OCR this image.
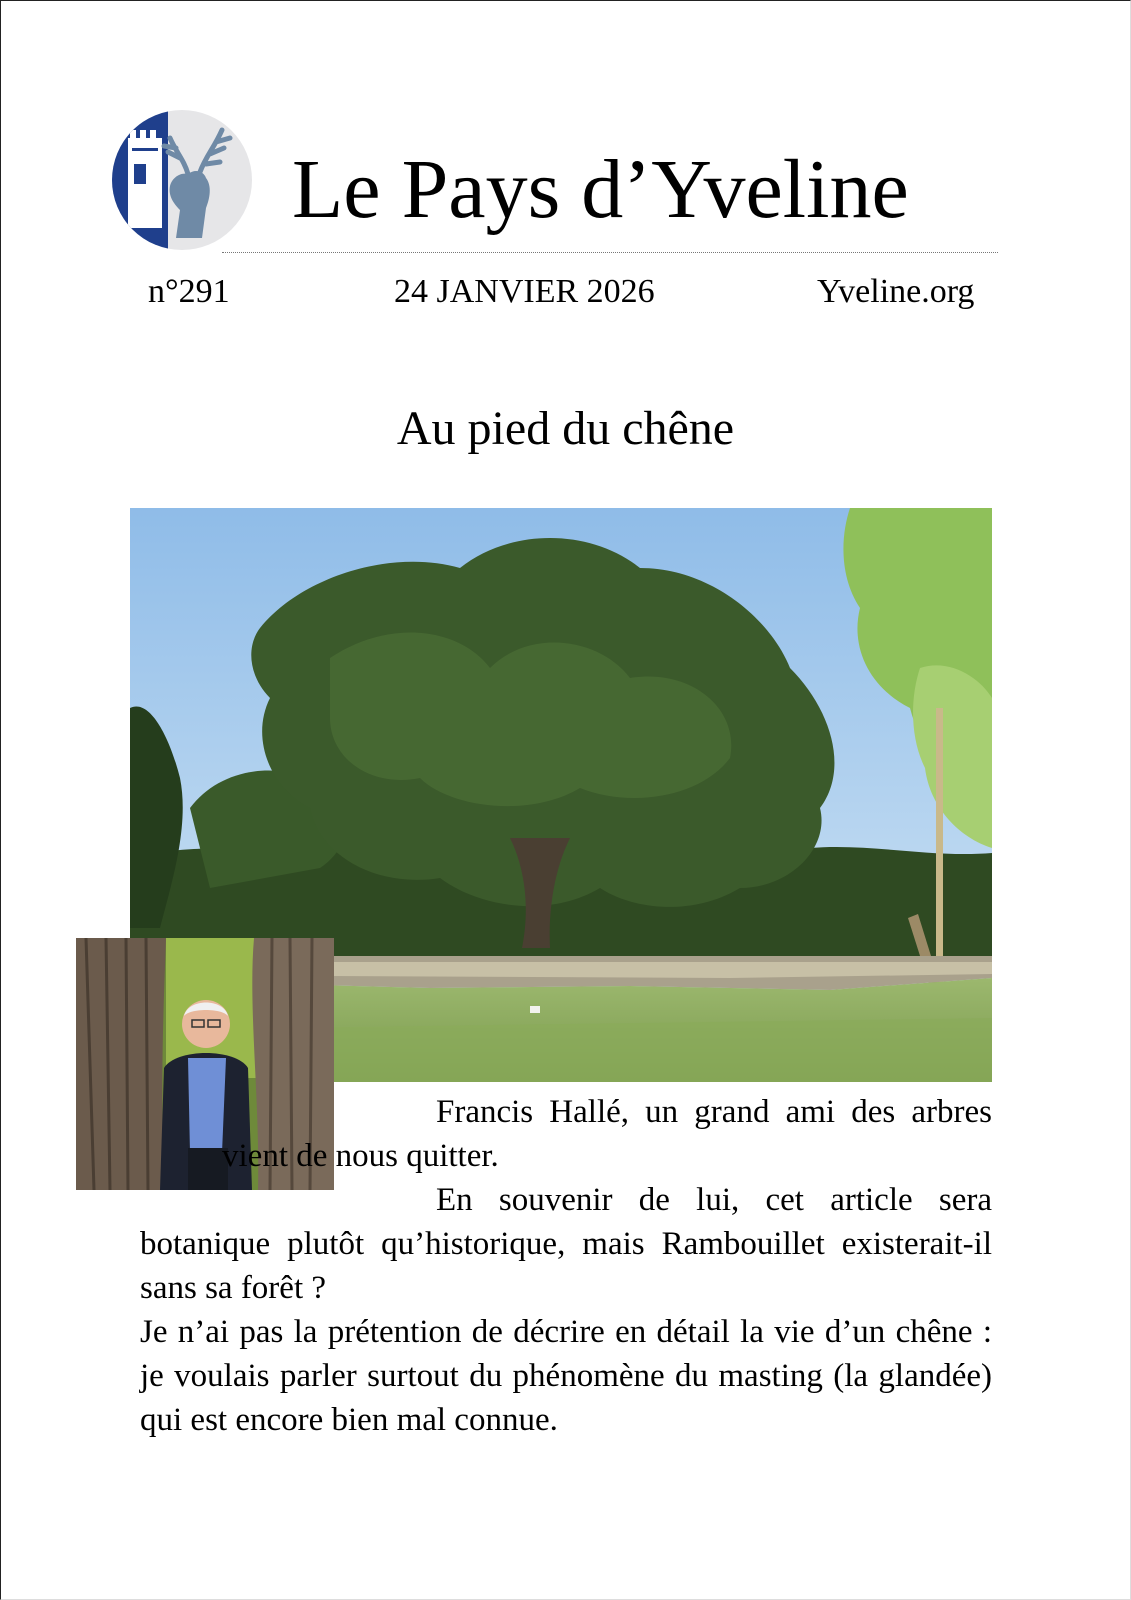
Le Pays d’Yveline
n°291	24 JANVIER 2026	Yveline.org
Au pied du chêne

Francis Hallé, un grand ami des arbres vient de nous quitter.

En souvenir de lui, cet article sera botanique plutôt qu’historique, mais Rambouillet existerait-il sans sa forêt ?

Je n’ai pas la prétention de décrire en détail la vie d’un chêne : je voulais parler surtout du phénomène du masting (la glandée) qui est encore bien mal connue.
